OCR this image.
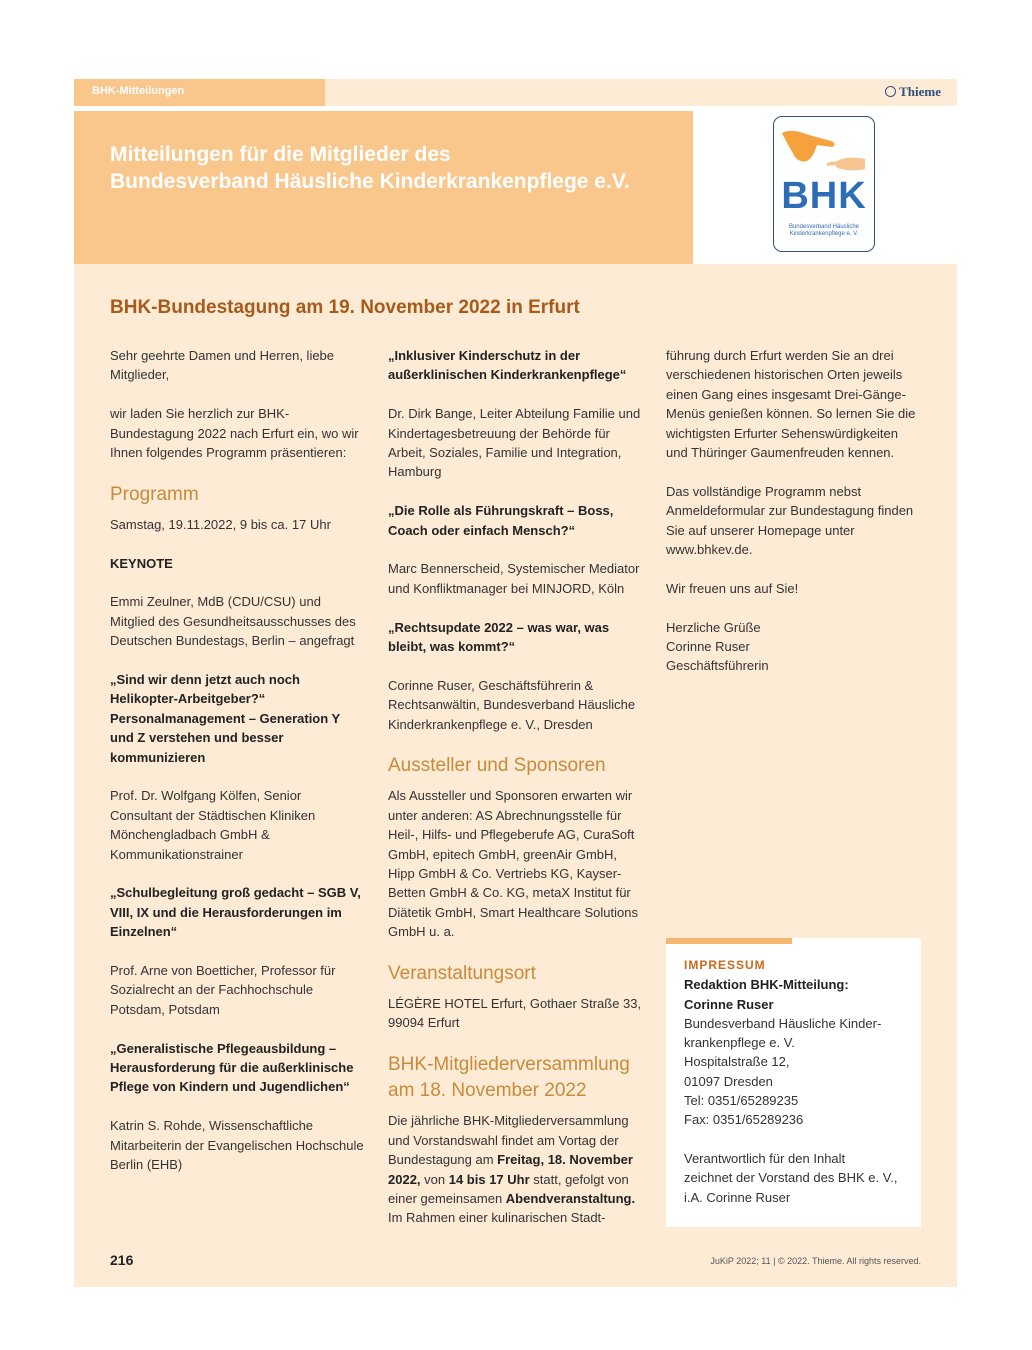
BHK-Mitteilungen	Thieme
Mitteilungen für die Mitglieder des
Bundesverband Häusliche Kinderkrankenpflege e.V.	BHK
Bundesverband Häusliche
Kinderkrankenpflege e. V.
BHK-Bundestagung am 19. November 2022 in Erfurt

Sehr geehrte Damen und Herren, liebe Mitglieder,

wir laden Sie herzlich zur BHK-Bundestagung 2022 nach Erfurt ein, wo wir Ihnen folgendes Programm präsentieren:

Programm

Samstag, 19.11.2022, 9 bis ca. 17 Uhr

KEYNOTE

Emmi Zeulner, MdB (CDU/CSU) und Mitglied des Gesundheitsausschusses des Deutschen Bundestags, Berlin – angefragt

„Sind wir denn jetzt auch noch Helikopter-Arbeitgeber?“ Personalmanagement – Generation Y und Z verstehen und besser kommunizieren

Prof. Dr. Wolfgang Kölfen, Senior Consultant der Städtischen Kliniken Mönchengladbach GmbH & Kommunikationstrainer

„Schulbegleitung groß gedacht – SGB V, VIII, IX und die Herausforderungen im Einzelnen“

Prof. Arne von Boetticher, Professor für Sozialrecht an der Fachhochschule Potsdam, Potsdam

„Generalistische Pflegeausbildung – Herausforderung für die außerklinische Pflege von Kindern und Jugendlichen“

Katrin S. Rohde, Wissenschaftliche Mitarbeiterin der Evangelischen Hochschule Berlin (EHB)

„Inklusiver Kinderschutz in der außerklinischen Kinderkrankenpflege“

Dr. Dirk Bange, Leiter Abteilung Familie und Kindertagesbetreuung der Behörde für Arbeit, Soziales, Familie und Integration, Hamburg

„Die Rolle als Führungskraft – Boss, Coach oder einfach Mensch?“

Marc Bennerscheid, Systemischer Mediator und Konfliktmanager bei MINJORD, Köln

„Rechtsupdate 2022 – was war, was bleibt, was kommt?“

Corinne Ruser, Geschäftsführerin & Rechtsanwältin, Bundesverband Häusliche Kinderkrankenpflege e. V., Dresden

Aussteller und Sponsoren

Als Aussteller und Sponsoren erwarten wir unter anderen: AS Abrechnungsstelle für Heil-, Hilfs- und Pflegeberufe AG, CuraSoft GmbH, epitech GmbH, greenAir GmbH, Hipp GmbH & Co. Vertriebs KG, Kayser-Betten GmbH & Co. KG, metaX Institut für Diätetik GmbH, Smart Healthcare Solutions GmbH u. a.

Veranstaltungsort

LÉGÈRE HOTEL Erfurt, Gothaer Straße 33, 99094 Erfurt

BHK-Mitgliederversammlung am 18. November 2022

Die jährliche BHK-Mitgliederversammlung und Vorstandswahl findet am Vortag der Bundestagung am Freitag, 18. November 2022, von 14 bis 17 Uhr statt, gefolgt von einer gemeinsamen Abendveranstaltung. Im Rahmen einer kulinarischen Stadt-

führung durch Erfurt werden Sie an drei verschiedenen historischen Orten jeweils einen Gang eines insgesamt Drei-Gänge-Menüs genießen können. So lernen Sie die wichtigsten Erfurter Sehenswürdigkeiten und Thüringer Gaumenfreuden kennen.

Das vollständige Programm nebst Anmeldeformular zur Bundestagung finden Sie auf unserer Homepage unter www.bhkev.de.

Wir freuen uns auf Sie!

Herzliche Grüße

Corinne Ruser

Geschäftsführerin

IMPRESSUM
Redaktion BHK-Mitteilung:
Corinne Ruser
Bundesverband Häusliche Kinder-
krankenpflege e. V.
Hospitalstraße 12,
01097 Dresden
Tel: 0351/65289235
Fax: 0351/65289236
Verantwortlich für den Inhalt
zeichnet der Vorstand des BHK e. V.,
i.A. Corinne Ruser
216	JuKiP 2022; 11 | © 2022. Thieme. All rights reserved.
